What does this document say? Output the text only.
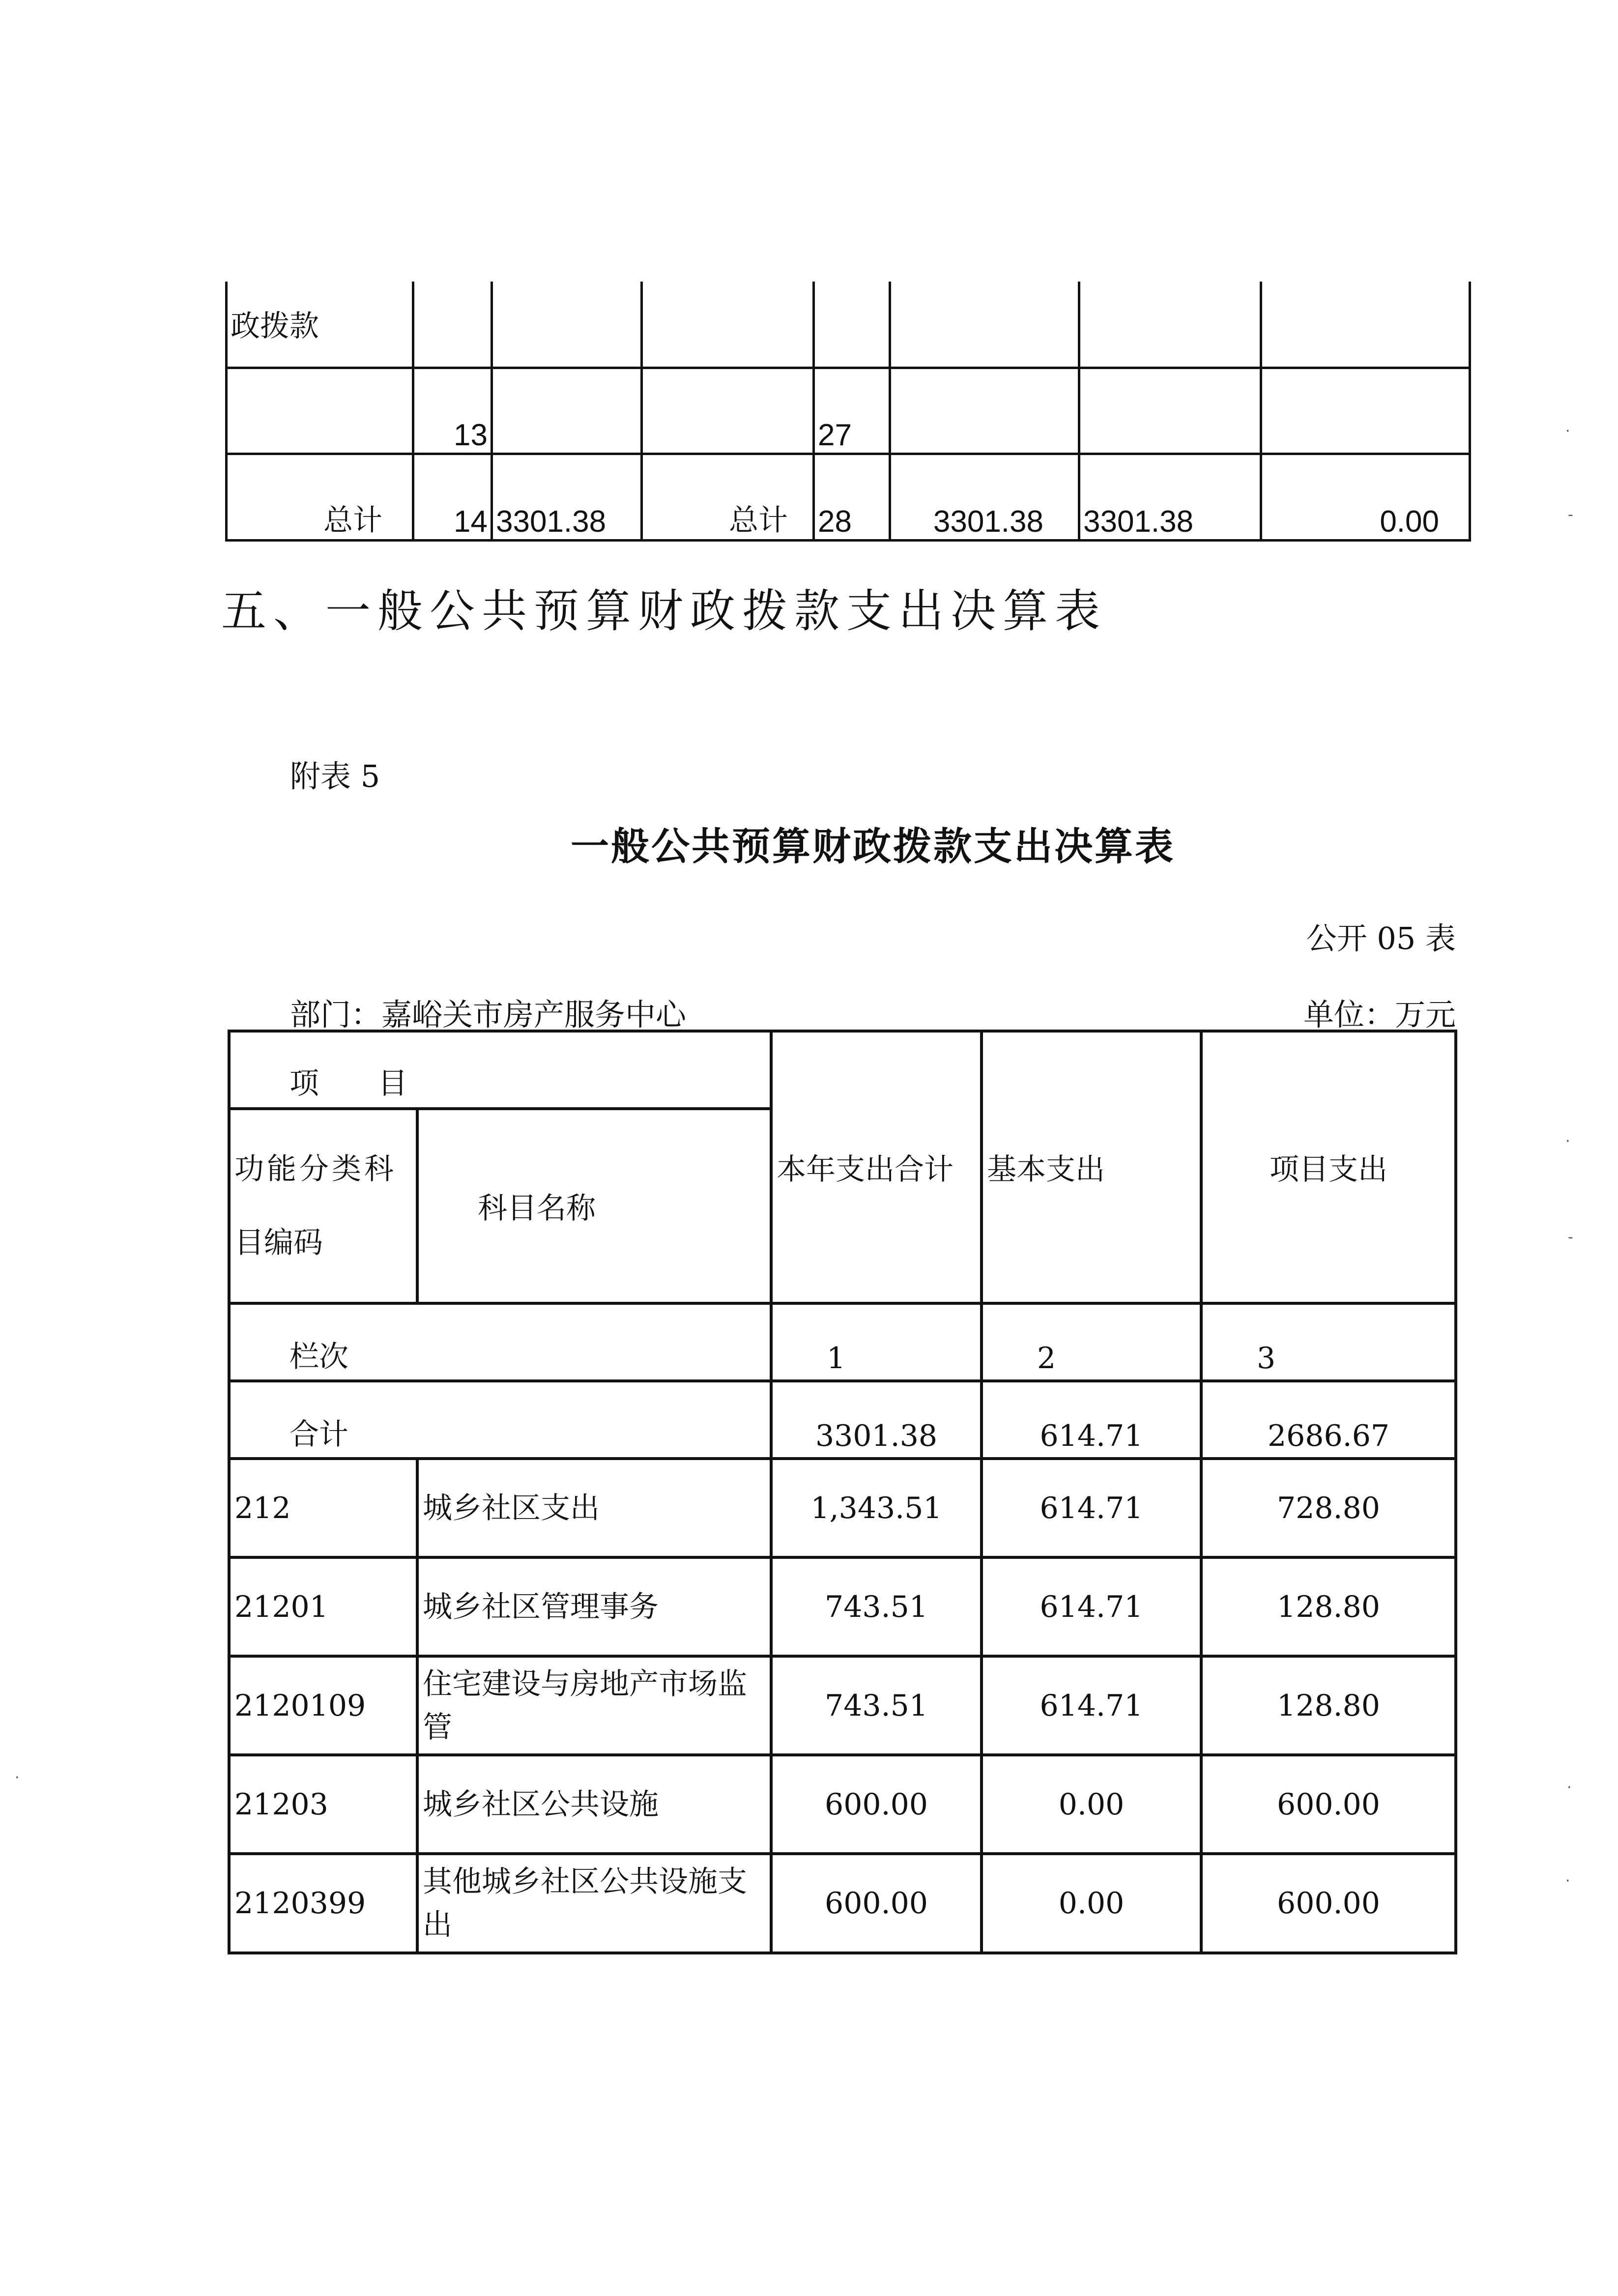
政拨款							
	13			27			
总计	14	3301.38	总计	28	3301.38	3301.38	0.00
五、一般公共预算财政拨款支出决算表
附表 5
一般公共预算财政拨款支出决算表
公开 05 表
部门：嘉峪关市房产服务中心	单位：万元
项　　目		本年支出合计	基本支出	项目支出

功能分类科
目编码	科目名称			
栏次		1	2	3
合计		3301.38	614.71	2686.67
212	城乡社区支出	1,343.51	614.71	728.80
21201	城乡社区管理事务	743.51	614.71	128.80
2120109	住宅建设与房地产市场监管	743.51	614.71	128.80
21203	城乡社区公共设施	600.00	0.00	600.00
2120399	其他城乡社区公共设施支出	600.00	0.00	600.00
·
-
·
-
·
·
·
